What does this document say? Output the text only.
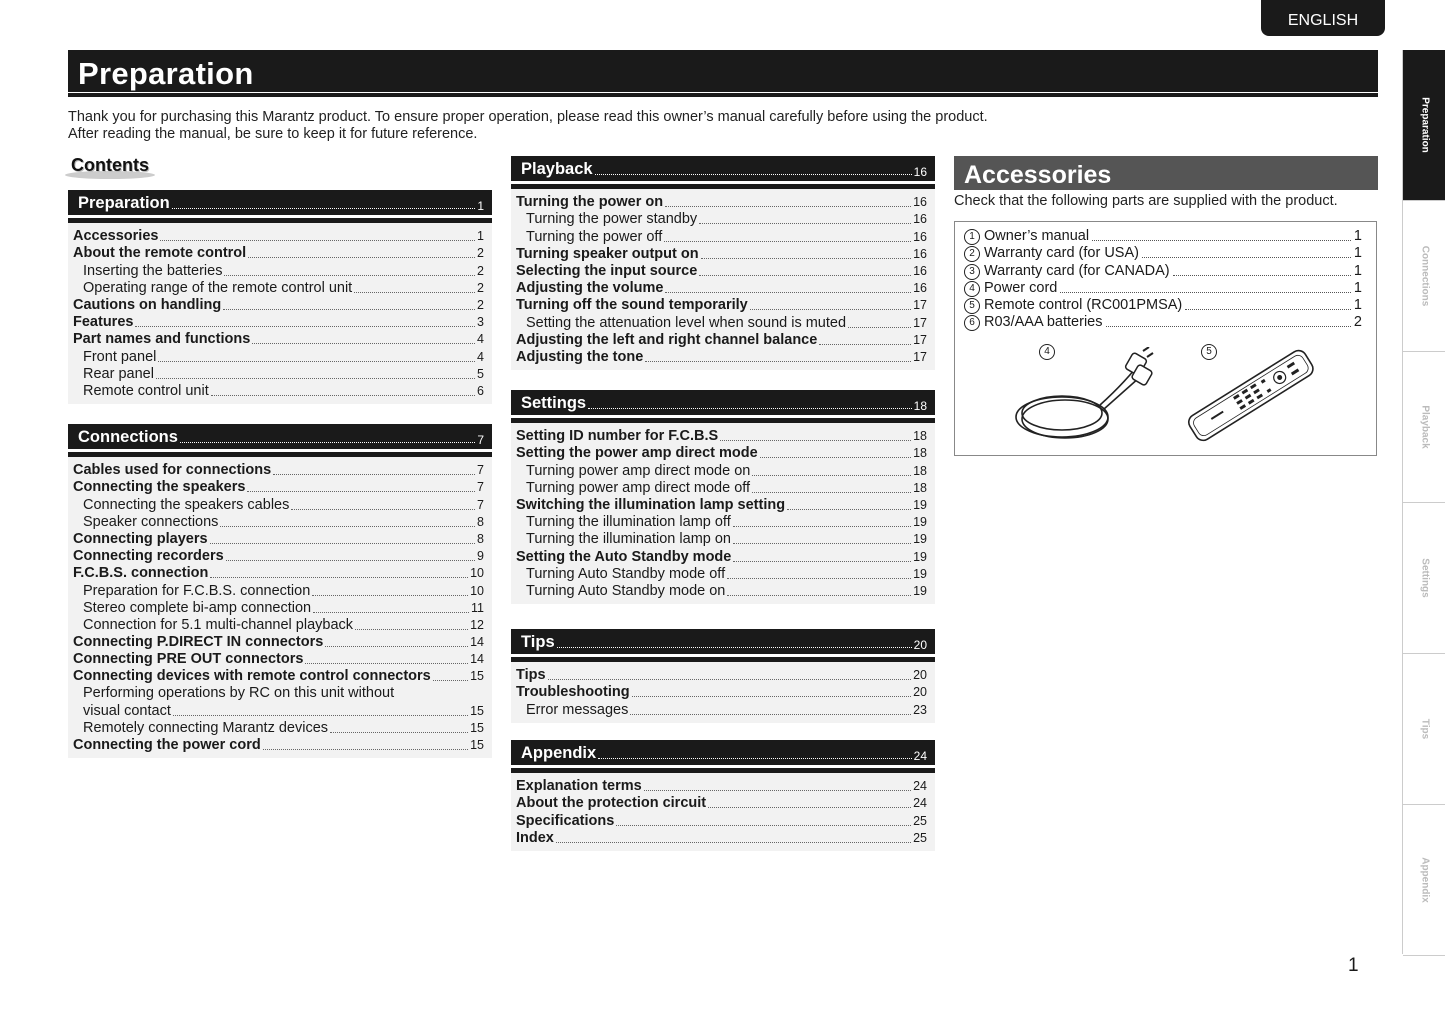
ENGLISH
Preparation
Connections
Playback
Settings
Tips
Appendix
Preparation
Thank you for purchasing this Marantz product. To ensure proper operation, please read this owner’s manual carefully before using the product.
After reading the manual, be sure to keep it for future reference.
Contents
Preparation	1
Accessories	1
About the remote control	2
Inserting the batteries	2
Operating range of the remote control unit	2
Cautions on handling	2
Features	3
Part names and functions	4
Front panel	4
Rear panel	5
Remote control unit	6
Connections	7
Cables used for connections	7
Connecting the speakers	7
Connecting the speakers cables	7
Speaker connections	8
Connecting players	8
Connecting recorders	9
F.C.B.S. connection	10
Preparation for F.C.B.S. connection	10
Stereo complete bi-amp connection	11
Connection for 5.1 multi-channel playback	12
Connecting P.DIRECT IN connectors	14
Connecting PRE OUT connectors	14
Connecting devices with remote control connectors	15
Performing operations by RC on this unit without
visual contact	15
Remotely connecting Marantz devices	15
Connecting the power cord	15
Playback	16
Turning the power on	16
Turning the power standby	16
Turning the power off	16
Turning speaker output on	16
Selecting the input source	16
Adjusting the volume	16
Turning off the sound temporarily	17
Setting the attenuation level when sound is muted	17
Adjusting the left and right channel balance	17
Adjusting the tone	17
Settings	18
Setting ID number for F.C.B.S	18
Setting the power amp direct mode	18
Turning power amp direct mode on	18
Turning power amp direct mode off	18
Switching the illumination lamp setting	19
Turning the illumination lamp off	19
Turning the illumination lamp on	19
Setting the Auto Standby mode	19
Turning Auto Standby mode off	19
Turning Auto Standby mode on	19
Tips	20
Tips	20
Troubleshooting	20
Error messages	23
Appendix	24
Explanation terms	24
About the protection circuit	24
Specifications	25
Index	25
Accessories
Check that the following parts are supplied with the product.
1 Owner’s manual	1
2 Warranty card (for USA)	1
3 Warranty card (for CANADA)	1
4 Power cord	1
5 Remote control (RC001PMSA)	1
6 R03/AAA batteries	2
4	5
1
